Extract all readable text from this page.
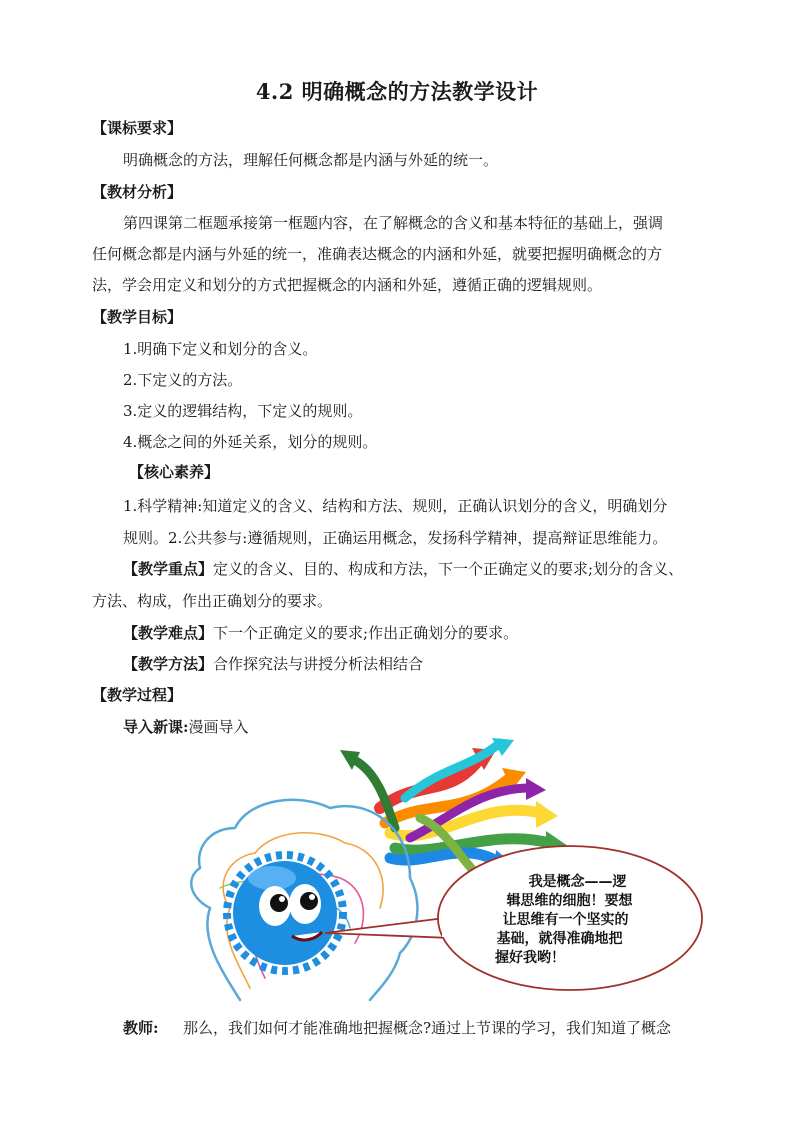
4.2 明确概念的方法教学设计
【课标要求】
明确概念的方法，理解任何概念都是内涵与外延的统一。
【教材分析】
第四课第二框题承接第一框题内容，在了解概念的含义和基本特征的基础上，强调
任何概念都是内涵与外延的统一，准确表达概念的内涵和外延，就要把握明确概念的方
法，学会用定义和划分的方式把握概念的内涵和外延，遵循正确的逻辑规则。
【教学目标】
1.明确下定义和划分的含义。
2.下定义的方法。
3.定义的逻辑结构，下定义的规则。
4.概念之间的外延关系，划分的规则。
【核心素养】
1.科学精神:知道定义的含义、结构和方法、规则，正确认识划分的含义，明确划分
规则。2.公共参与:遵循规则，正确运用概念，发扬科学精神，提高辩证思维能力。
【教学重点】定义的含义、目的、构成和方法，下一个正确定义的要求;划分的含义、
方法、构成，作出正确划分的要求。
【教学难点】下一个正确定义的要求;作出正确划分的要求。
【教学方法】合作探究法与讲授分析法相结合
【教学过程】
导入新课:漫画导入
我是概念——逻 辑思维的细胞！要想 让思维有一个坚实的 基础，就得准确地把 握好我哟！
教师: 那么，我们如何才能准确地把握概念?通过上节课的学习，我们知道了概念
